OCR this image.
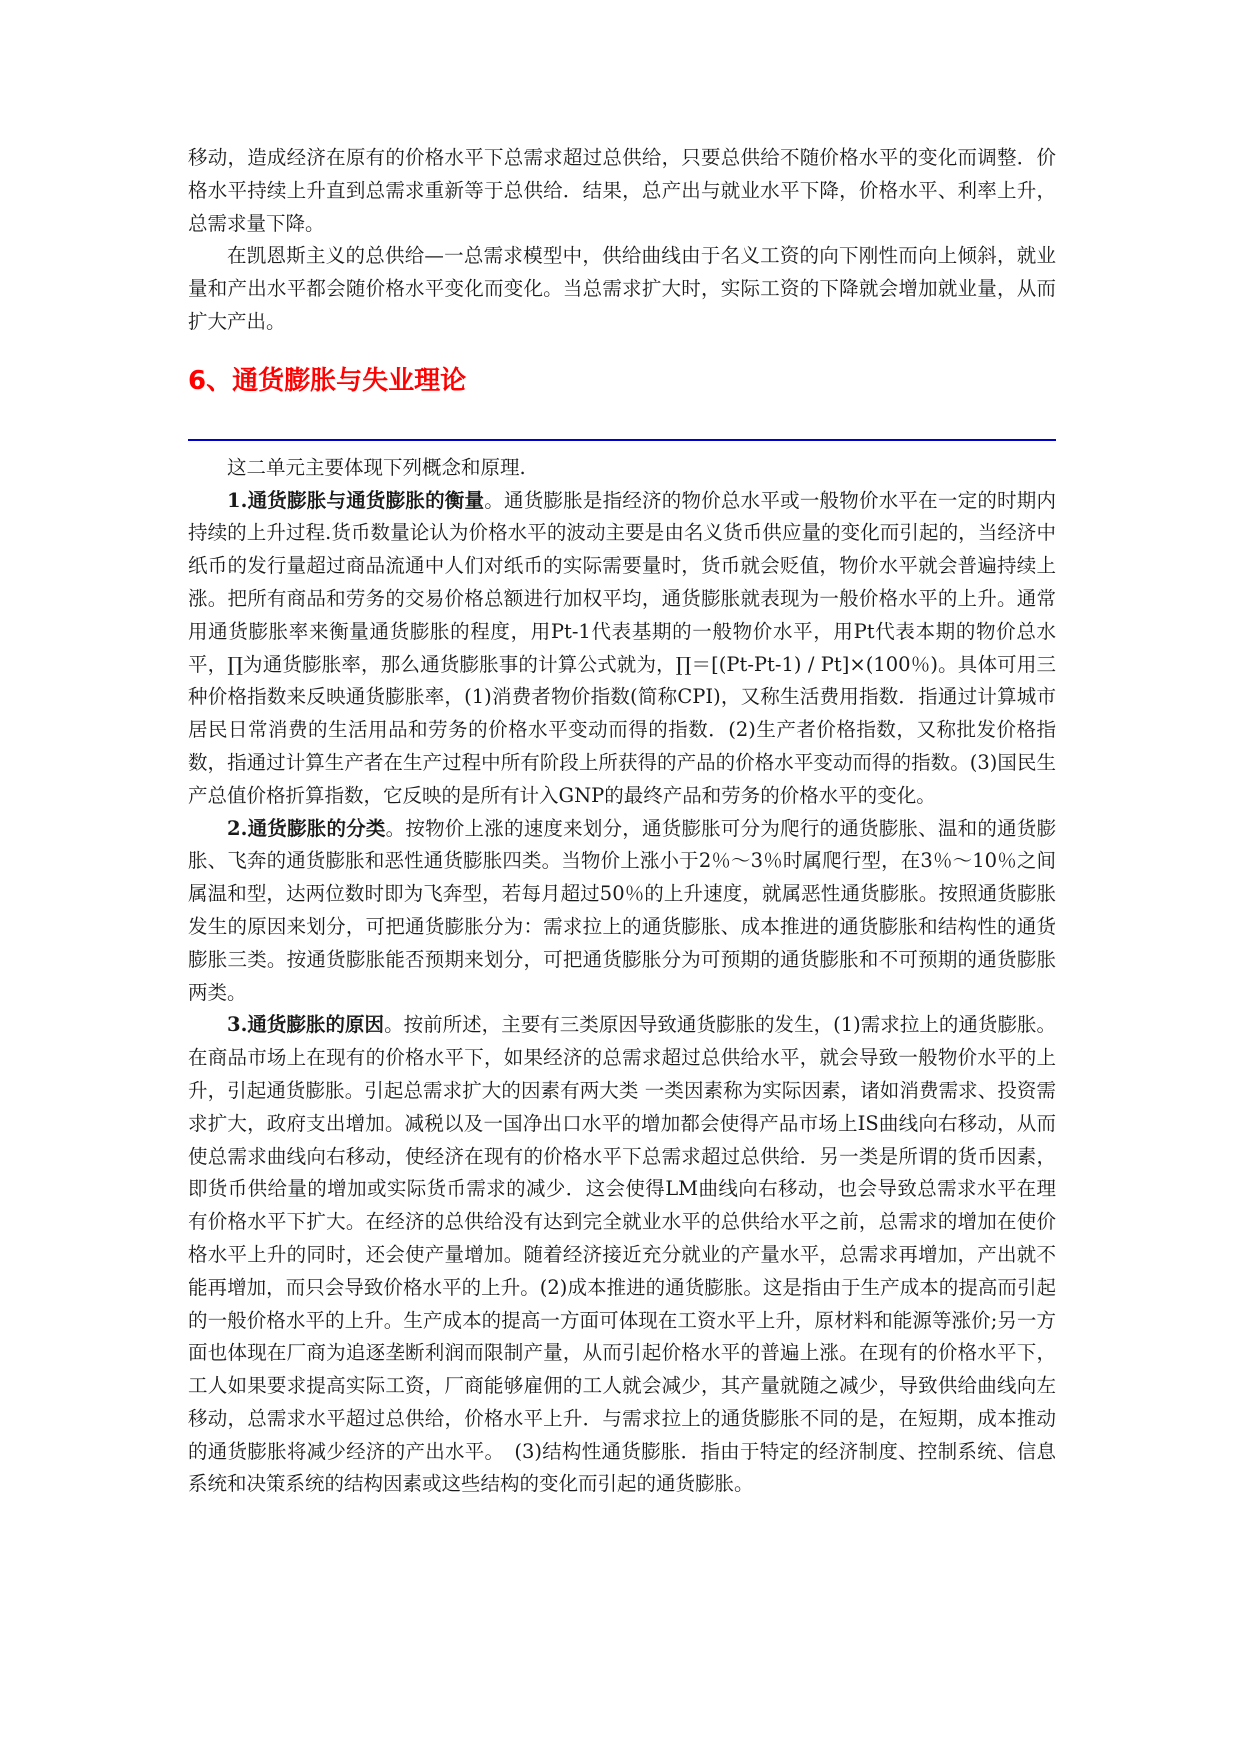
移动，造成经济在原有的价格水平下总需求超过总供给，只要总供给不随价格水平的变化而调整．价格水平持续上升直到总需求重新等于总供给．结果，总产出与就业水平下降，价格水平、利率上升，总需求量下降。

在凯恩斯主义的总供给—一总需求模型中，供给曲线由于名义工资的向下刚性而向上倾斜，就业量和产出水平都会随价格水平变化而变化。当总需求扩大时，实际工资的下降就会增加就业量，从而扩大产出。

6、通货膨胀与失业理论

这二单元主要体现下列概念和原理.

1.通货膨胀与通货膨胀的衡量。通货膨胀是指经济的物价总水平或一般物价水平在一定的时期内持续的上升过程.货币数量论认为价格水平的波动主要是由名义货币供应量的变化而引起的，当经济中纸币的发行量超过商品流通中人们对纸币的实际需要量时，货币就会贬值，物价水平就会普遍持续上涨。把所有商品和劳务的交易价格总额进行加权平均，通货膨胀就表现为一般价格水平的上升。通常用通货膨胀率来衡量通货膨胀的程度，用Pt-1代表基期的一般物价水平，用Pt代表本期的物价总水平，∏为通货膨胀率，那么通货膨胀事的计算公式就为，∏＝[(Pt-Pt-1) / Pt]×(100％)。具体可用三种价格指数来反映通货膨胀率，(1)消费者物价指数(简称CPI)，又称生活费用指数．指通过计算城市居民日常消费的生活用品和劳务的价格水平变动而得的指数．(2)生产者价格指数，又称批发价格指数，指通过计算生产者在生产过程中所有阶段上所获得的产品的价格水平变动而得的指数。(3)国民生产总值价格折算指数，它反映的是所有计入GNP的最终产品和劳务的价格水平的变化。

2.通货膨胀的分类。按物价上涨的速度来划分，通货膨胀可分为爬行的通货膨胀、温和的通货膨胀、飞奔的通货膨胀和恶性通货膨胀四类。当物价上涨小于2％～3％时属爬行型，在3％～10％之间属温和型，达两位数时即为飞奔型，若每月超过50％的上升速度，就属恶性通货膨胀。按照通货膨胀发生的原因来划分，可把通货膨胀分为：需求拉上的通货膨胀、成本推进的通货膨胀和结构性的通货膨胀三类。按通货膨胀能否预期来划分，可把通货膨胀分为可预期的通货膨胀和不可预期的通货膨胀两类。

3.通货膨胀的原因。按前所述，主要有三类原因导致通货膨胀的发生，(1)需求拉上的通货膨胀。在商品市场上在现有的价格水平下，如果经济的总需求超过总供给水平，就会导致一般物价水平的上升，引起通货膨胀。引起总需求扩大的因素有两大类 一类因素称为实际因素，诸如消费需求、投资需求扩大，政府支出增加。减税以及一国净出口水平的增加都会使得产品市场上IS曲线向右移动，从而使总需求曲线向右移动，使经济在现有的价格水平下总需求超过总供给．另一类是所谓的货币因素，即货币供给量的增加或实际货币需求的减少．这会使得LM曲线向右移动，也会导致总需求水平在理有价格水平下扩大。在经济的总供给没有达到完全就业水平的总供给水平之前，总需求的增加在使价格水平上升的同时，还会使产量增加。随着经济接近充分就业的产量水平，总需求再增加，产出就不能再增加，而只会导致价格水平的上升。(2)成本推进的通货膨胀。这是指由于生产成本的提高而引起的一般价格水平的上升。生产成本的提高一方面可体现在工资水平上升，原材料和能源等涨价;另一方面也体现在厂商为追逐垄断利润而限制产量，从而引起价格水平的普遍上涨。在现有的价格水平下，工人如果要求提高实际工资，厂商能够雇佣的工人就会减少，其产量就随之减少，导致供给曲线向左移动，总需求水平超过总供给，价格水平上升．与需求拉上的通货膨胀不同的是，在短期，成本推动的通货膨胀将减少经济的产出水平。　(3)结构性通货膨胀．指由于特定的经济制度、控制系统、信息系统和决策系统的结构因素或这些结构的变化而引起的通货膨胀。
